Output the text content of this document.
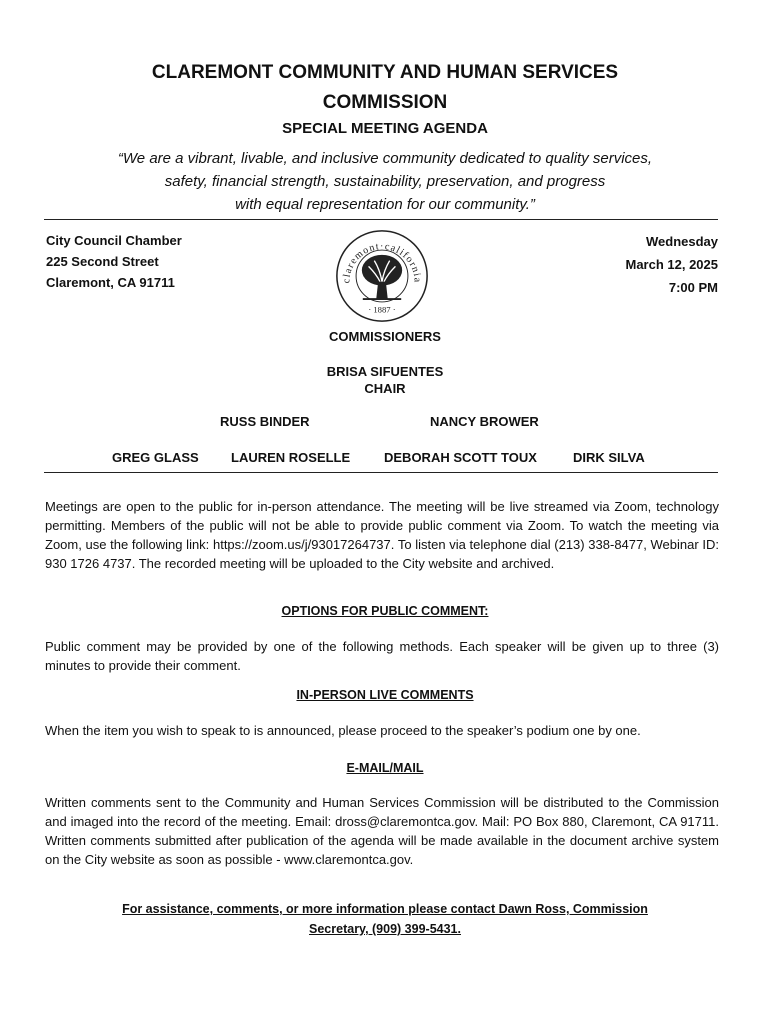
CLAREMONT COMMUNITY AND HUMAN SERVICES
COMMISSION
SPECIAL MEETING AGENDA
“We are a vibrant, livable, and inclusive community dedicated to quality services,
safety, financial strength, sustainability, preservation, and progress
with equal representation for our community.”
City Council Chamber
225 Second Street
Claremont, CA 91711
Wednesday
March 12, 2025
7:00 PM
claremont·california
· 1887 ·
COMMISSIONERS
BRISA SIFUENTES
CHAIR
RUSS BINDER	NANCY BROWER
GREG GLASS LAUREN ROSELLE	DEBORAH SCOTT TOUX	DIRK SILVA
Meetings are open to the public for in-person attendance. The meeting will be live streamed via Zoom, technology permitting. Members of the public will not be able to provide public comment via Zoom. To watch the meeting via Zoom, use the following link: https://zoom.us/j/93017264737. To listen via telephone dial (213) 338-8477, Webinar ID: 930 1726 4737. The recorded meeting will be uploaded to the City website and archived.
OPTIONS FOR PUBLIC COMMENT:
Public comment may be provided by one of the following methods. Each speaker will be given up to three (3) minutes to provide their comment.
IN-PERSON LIVE COMMENTS
When the item you wish to speak to is announced, please proceed to the speaker’s podium one by one.
E-MAIL/MAIL
Written comments sent to the Community and Human Services Commission will be distributed to the Commission and imaged into the record of the meeting. Email: dross@claremontca.gov. Mail: PO Box 880, Claremont, CA 91711. Written comments submitted after publication of the agenda will be made available in the document archive system on the City website as soon as possible - www.claremontca.gov.
For assistance, comments, or more information please contact Dawn Ross, Commission
Secretary, (909) 399-5431.
